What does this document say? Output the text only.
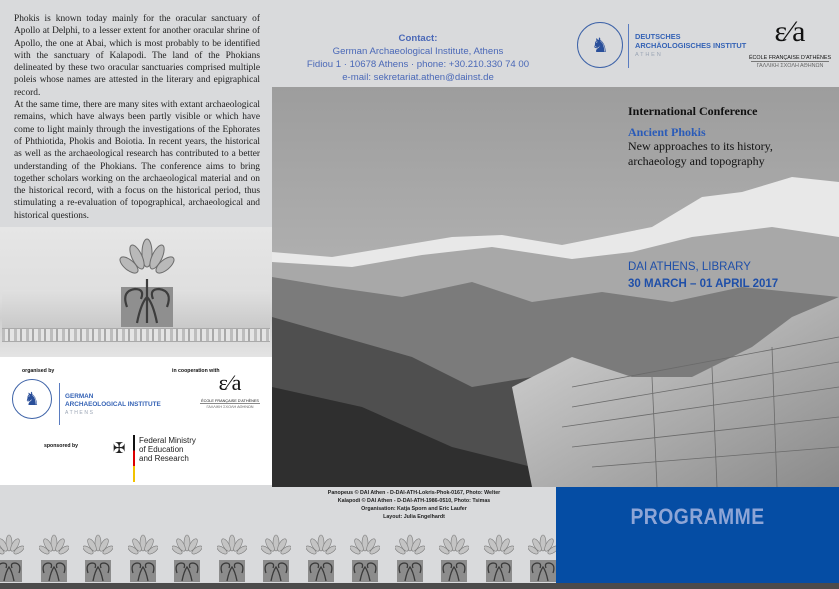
Phokis is known today mainly for the oracular sanctuary of Apollo at Delphi, to a lesser extent for another oracular shrine of Apollo, the one at Abai, which is most probably to be identified with the sanctuary of Kalapodi. The land of the Phokians delineated by these two oracular sanctuaries comprised multiple poleis whose names are attested in the literary and epigraphical record.

At the same time, there are many sites with extant archaeological remains, which have always been partly visible or which have come to light mainly through the investigations of the Ephorates of Phthiotida, Phokis and Boiotia. In recent years, the historical as well as the archaeological research has contributed to a better understanding of the Phokians. The conference aims to bring together scholars working on the archaeological material and on the historical record, with a focus on the historical period, thus stimulating a re-evaluation of topographical, archaeological and historical questions.

organised by	in cooperation with
sponsored by
♞	GERMAN
ARCHAEOLOGICAL INSTITUTE
ATHENS
ɛ⁄a
ÉCOLE FRANÇAISE D'ATHÈNES
ΓΑΛΛΙΚΗ ΣΧΟΛΗ ΑΘΗΝΩΝ
✠	Federal Ministry
of Education
and Research
Contact:
German Archaeological Institute, Athens
Fidiou 1 · 10678 Athens · phone: +30.210.330 74 00
e-mail: sekretariat.athen@dainst.de
♞	DEUTSCHES
ARCHÄOLOGISCHES INSTITUT
ATHEN
ɛ⁄a
ÉCOLE FRANÇAISE D'ATHÈNES
ΓΑΛΛΙΚΗ ΣΧΟΛΗ ΑΘΗΝΩΝ
International Conference
Ancient Phokis
New approaches to its history,
archaeology and topography
DAI ATHENS, LIBRARY
30 MARCH – 01 APRIL 2017
Panopeus © DAI Athen - D-DAI-ATH-Lokris-Phok-0167, Photo: Welter
Kalapodi © DAI Athen - D-DAI-ATH-1986-0510, Photo: Tsimas
Organisation: Katja Sporn and Eric Laufer
Layout: Julia Engelhardt	PROGRAMME
